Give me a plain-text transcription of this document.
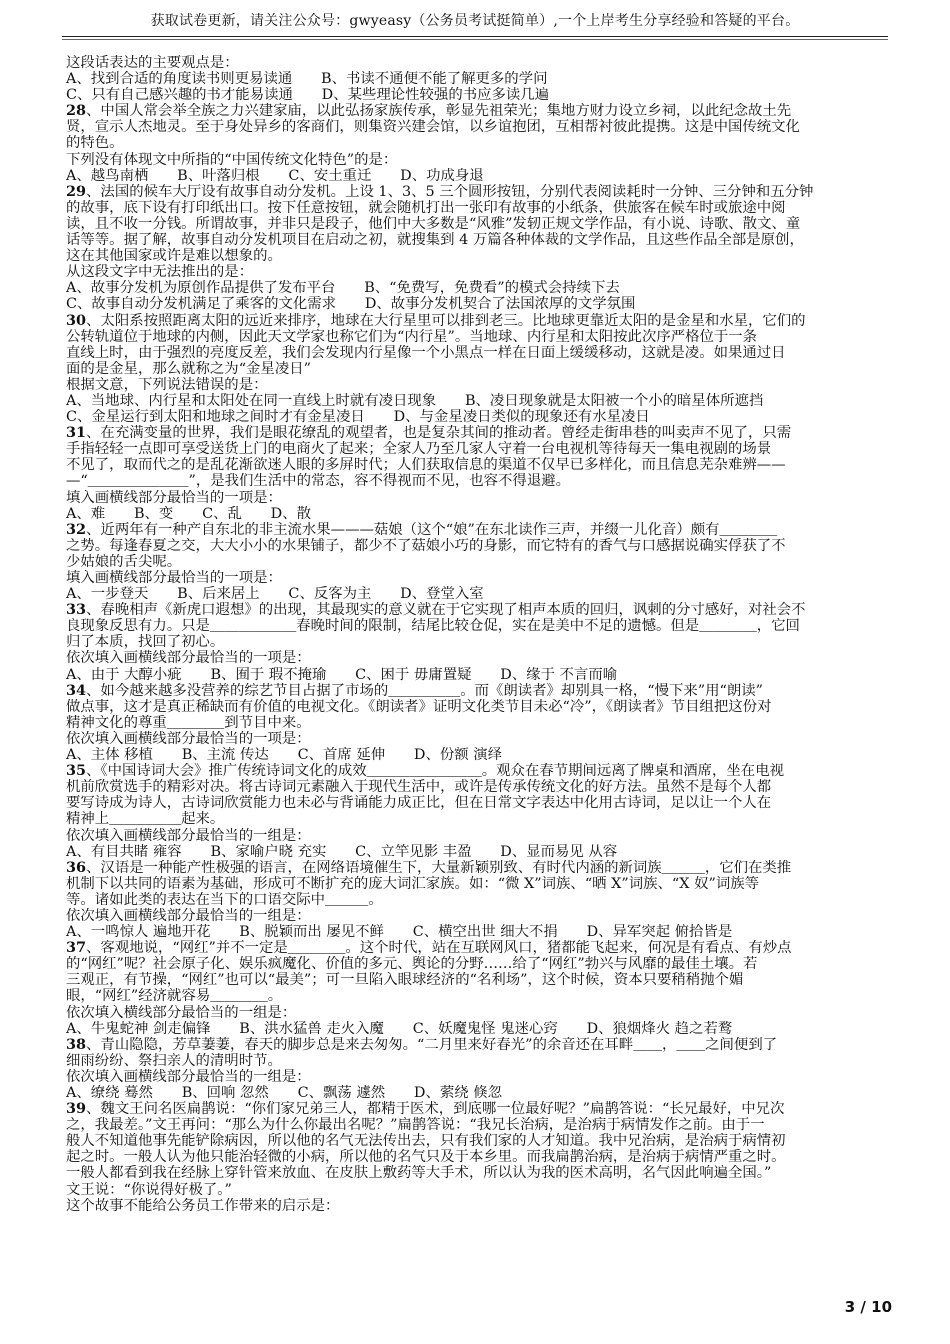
获取试卷更新，请关注公众号：gwyeasy（公务员考试挺简单）,一个上岸考生分享经验和答疑的平台。
这段话表达的主要观点是：
A、找到合适的角度读书则更易读通　　B、书读不通便不能了解更多的学问
C、只有自己感兴趣的书才能易读通　　D、某些理论性较强的书应多读几遍
28、中国人常会举全族之力兴建家庙，以此弘扬家族传承，彰显先祖荣光；集地方财力设立乡祠，以此纪念故土先
贤，宣示人杰地灵。至于身处异乡的客商们，则集资兴建会馆，以乡谊抱团，互相帮衬彼此提携。这是中国传统文化
的特色。
下列没有体现文中所指的“中国传统文化特色”的是：
A、越鸟南栖　　B、叶落归根　　C、安土重迁　　D、功成身退
29、法国的候车大厅设有故事自动分发机。上设 1、3、5 三个圆形按钮，分别代表阅读耗时一分钟、三分钟和五分钟
的故事，底下设有打印纸出口。按下任意按钮，就会随机打出一张印有故事的小纸条，供旅客在候车时或旅途中阅
读，且不收一分钱。所谓故事，并非只是段子，他们中大多数是“风雅”发轫正规文学作品，有小说、诗歌、散文、童
话等等。据了解，故事自动分发机项目在启动之初，就搜集到 4 万篇各种体裁的文学作品，且这些作品全部是原创，
这在其他国家或许是难以想象的。
从这段文字中无法推出的是：
A、故事分发机为原创作品提供了发布平台　　B、“免费写，免费看”的模式会持续下去
C、故事自动分发机满足了乘客的文化需求　　D、故事分发机契合了法国浓厚的文学氛围
30、太阳系按照距离太阳的远近来排序，地球在大行星里可以排到老三。比地球更靠近太阳的是金星和水星，它们的
公转轨道位于地球的内侧，因此天文学家也称它们为“内行星”。当地球、内行星和太阳按此次序严格位于一条
直线上时，由于强烈的亮度反差，我们会发现内行星像一个小黑点一样在日面上缓缓移动，这就是凌。如果通过日
面的是金星，那么就称之为“金星凌日”
根据文意，下列说法错误的是：
A、当地球、内行星和太阳处在同一直线上时就有凌日现象　　B、凌日现象就是太阳被一个小的暗星体所遮挡
C、金星运行到太阳和地球之间时才有金星凌日　　D、与金星凌日类似的现象还有水星凌日
31、在充满变量的世界，我们是眼花缭乱的观望者，也是复杂其间的推动者。曾经走街串巷的叫卖声不见了，只需
手指轻轻一点即可享受送货上门的电商火了起来；全家人乃至几家人守着一台电视机等待每天一集电视剧的场景
不见了，取而代之的是乱花渐欲迷人眼的多屏时代；人们获取信息的渠道不仅早已多样化，而且信息芜杂难辨——
—“＿＿＿＿＿＿＿”，是我们生活中的常态，容不得视而不见，也容不得退避。
填入画横线部分最恰当的一项是：
A、难　　B、变　　C、乱　　D、散
32、近两年有一种产自东北的非主流水果———菇娘（这个“娘”在东北读作三声，并缀一儿化音）颇有＿＿＿＿
之势。每逢春夏之交，大大小小的水果铺子，都少不了菇娘小巧的身影，而它特有的香气与口感据说确实俘获了不
少姑娘的舌尖呢。
填入画横线部分最恰当的一项是：
A、一步登天　　B、后来居上　　C、反客为主　　D、登堂入室
33、春晚相声《新虎口遐想》的出现，其最现实的意义就在于它实现了相声本质的回归，讽刺的分寸感好，对社会不
良现象反思有力。只是＿＿＿＿＿＿春晚时间的限制，结尾比较仓促，实在是美中不足的遗憾。但是＿＿＿＿，它回
归了本质，找回了初心。
依次填入画横线部分最恰当的一项是：
A、由于 大醇小疵　　B、囿于 瑕不掩瑜　　C、困于 毋庸置疑　　D、缘于 不言而喻
34、如今越来越多没营养的综艺节目占据了市场的＿＿＿＿＿。而《朗读者》却别具一格，“慢下来”用“朗读”
做点事，这才是真正稀缺而有价值的电视文化。《朗读者》证明文化类节目未必“冷”，《朗读者》节目组把这份对
精神文化的尊重＿＿＿＿到节目中来。
依次填入画横线部分最恰当的一项是：
A、主体 移植　　B、主流 传达　　C、首席 延伸　　D、份额 演绎
35、《中国诗词大会》推广传统诗词文化的成效＿＿＿＿＿＿＿＿。观众在春节期间远离了牌桌和酒席，坐在电视
机前欣赏选手的精彩对决。将古诗词元素融入于现代生活中，或许是传承传统文化的好方法。虽然不是每个人都
要写诗成为诗人，古诗词欣赏能力也未必与背诵能力成正比，但在日常文字表达中化用古诗词，足以让一个人在
精神上＿＿＿＿＿起来。
依次填入画横线部分最恰当的一组是：
A、有目共睹 雍容　　B、家喻户晓 充实　　C、立竿见影 丰盈　　D、显而易见 从容
36、汉语是一种能产性极强的语言，在网络语境催生下，大量新颖别致、有时代内涵的新词族＿＿＿，它们在类推
机制下以共同的语素为基础，形成可不断扩充的庞大词汇家族。如：“微 X”词族、“晒 X”词族、“X 奴”词族等
等。诸如此类的表达在当下的口语交际中＿＿＿。
依次填入画横线部分最恰当的一组是：
A、一鸣惊人 遍地开花　　B、脱颖而出 屡见不鲜　　C、横空出世 细大不捐　　D、异军突起 俯拾皆是
37、客观地说，“网红”并不一定是＿＿＿＿。这个时代，站在互联网风口，猪都能飞起来，何况是有看点、有炒点
的“网红”呢？社会原子化、娱乐疯魔化、价值的多元、舆论的分野……给了“网红”勃兴与风靡的最佳土壤。若
三观正，有节操，“网红”也可以“最美”；可一旦陷入眼球经济的“名利场”，这个时候，资本只要稍稍抛个媚
眼，“网红”经济就容易＿＿＿＿。
依次填入横线部分最恰当的一组是：
A、牛鬼蛇神 剑走偏锋　　B、洪水猛兽 走火入魔　　C、妖魔鬼怪 鬼迷心窍　　D、狼烟烽火 趋之若鹜
38、青山隐隐，芳草萋萋，春天的脚步总是来去匆匆。“二月里来好春光”的余音还在耳畔＿＿，＿＿之间便到了
细雨纷纷、祭扫亲人的清明时节。
依次填入画横线部分最恰当的一组是：
A、缭绕 蓦然　　B、回响 忽然　　C、飘荡 遽然　　D、萦绕 倏忽
39、魏文王问名医扁鹊说：“你们家兄弟三人，都精于医术，到底哪一位最好呢？”扁鹊答说：“长兄最好，中兄次
之，我最差。”文王再问：“那么为什么你最出名呢？”扁鹊答说：“我兄长治病，是治病于病情发作之前。由于一
般人不知道他事先能铲除病因，所以他的名气无法传出去，只有我们家的人才知道。我中兄治病，是治病于病情初
起之时。一般人认为他只能治轻微的小病，所以他的名气只及于本乡里。而我扁鹊治病，是治病于病情严重之时。
一般人都看到我在经脉上穿针管来放血、在皮肤上敷药等大手术，所以认为我的医术高明，名气因此响遍全国。”
文王说：“你说得好极了。”
这个故事不能给公务员工作带来的启示是：
3 / 10
